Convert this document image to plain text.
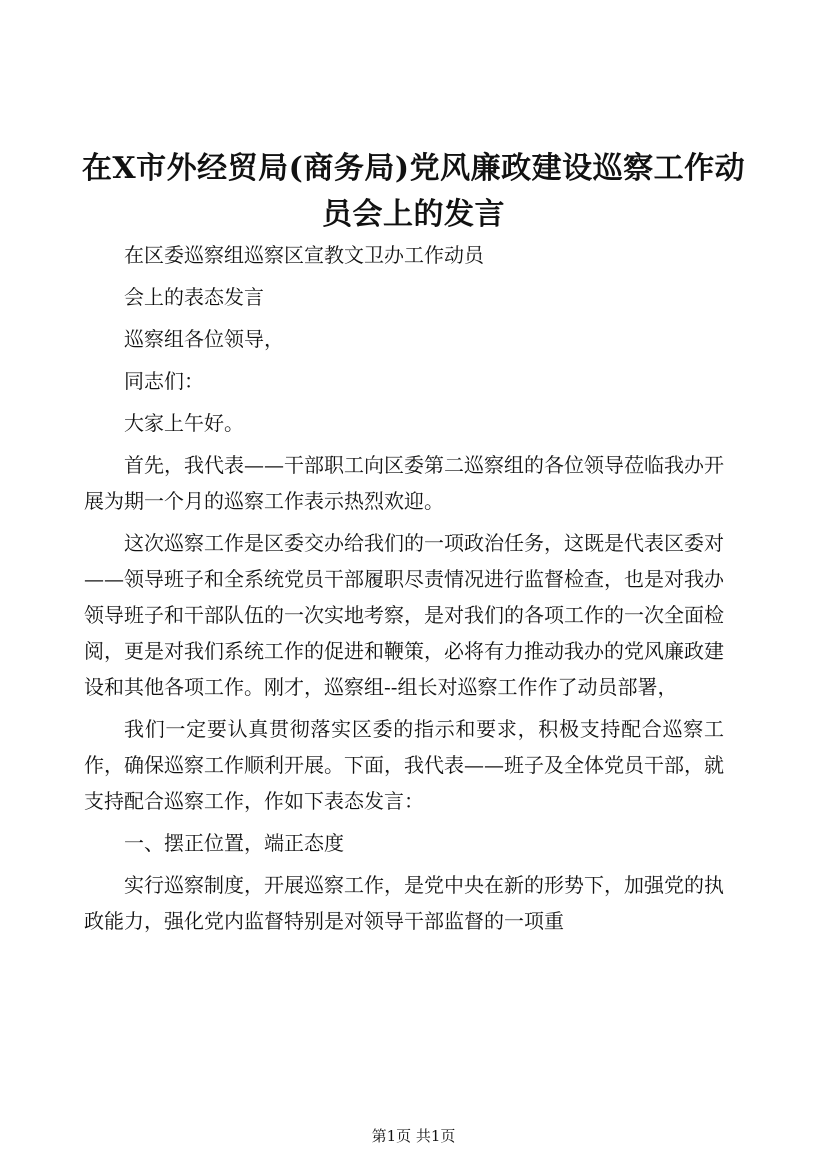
在X市外经贸局(商务局)党风廉政建设巡察工作动员会上的发言

在区委巡察组巡察区宣教文卫办工作动员

会上的表态发言

巡察组各位领导，

同志们：

大家上午好。

首先，我代表——干部职工向区委第二巡察组的各位领导莅临我办开展为期一个月的巡察工作表示热烈欢迎。

这次巡察工作是区委交办给我们的一项政治任务，这既是代表区委对——领导班子和全系统党员干部履职尽责情况进行监督检查，也是对我办领导班子和干部队伍的一次实地考察，是对我们的各项工作的一次全面检阅，更是对我们系统工作的促进和鞭策，必将有力推动我办的党风廉政建设和其他各项工作。刚才，巡察组--组长对巡察工作作了动员部署，

我们一定要认真贯彻落实区委的指示和要求，积极支持配合巡察工作，确保巡察工作顺利开展。下面，我代表——班子及全体党员干部，就支持配合巡察工作，作如下表态发言：

一、摆正位置，端正态度

实行巡察制度，开展巡察工作，是党中央在新的形势下，加强党的执政能力，强化党内监督特别是对领导干部监督的一项重

第1页 共1页
